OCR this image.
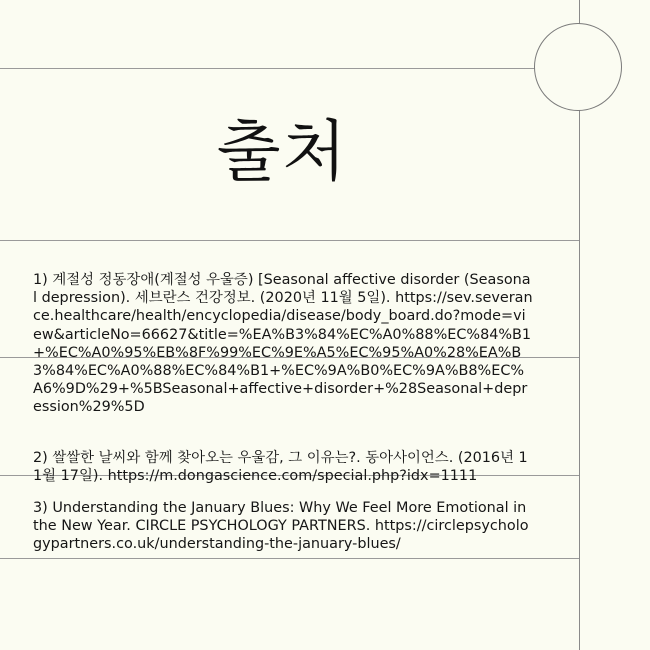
출처

1) 계절성 정동장애(계절성 우울증) [Seasonal affective disorder (Seasonal depression). 세브란스 건강정보. (2020년 11월 5일). https://sev.severance.healthcare/health/encyclopedia/disease/body_board.do?mode=view&articleNo=66627&title=%EA%B3%84%EC%A0%88%EC%84%B1+%EC%A0%95%EB%8F%99%EC%9E%A5%EC%95%A0%28%EA%B3%84%EC%A0%88%EC%84%B1+%EC%9A%B0%EC%9A%B8%EC%A6%9D%29+%5BSeasonal+affective+disorder+%28Seasonal+depression%29%5D

2) 쌀쌀한 날씨와 함께 찾아오는 우울감, 그 이유는?. 동아사이언스. (2016년 11월 17일). https://m.dongascience.com/special.php?idx=1111

3) Understanding the January Blues: Why We Feel More Emotional in the New Year. CIRCLE PSYCHOLOGY PARTNERS. https://circlepsychologypartners.co.uk/understanding-the-january-blues/
